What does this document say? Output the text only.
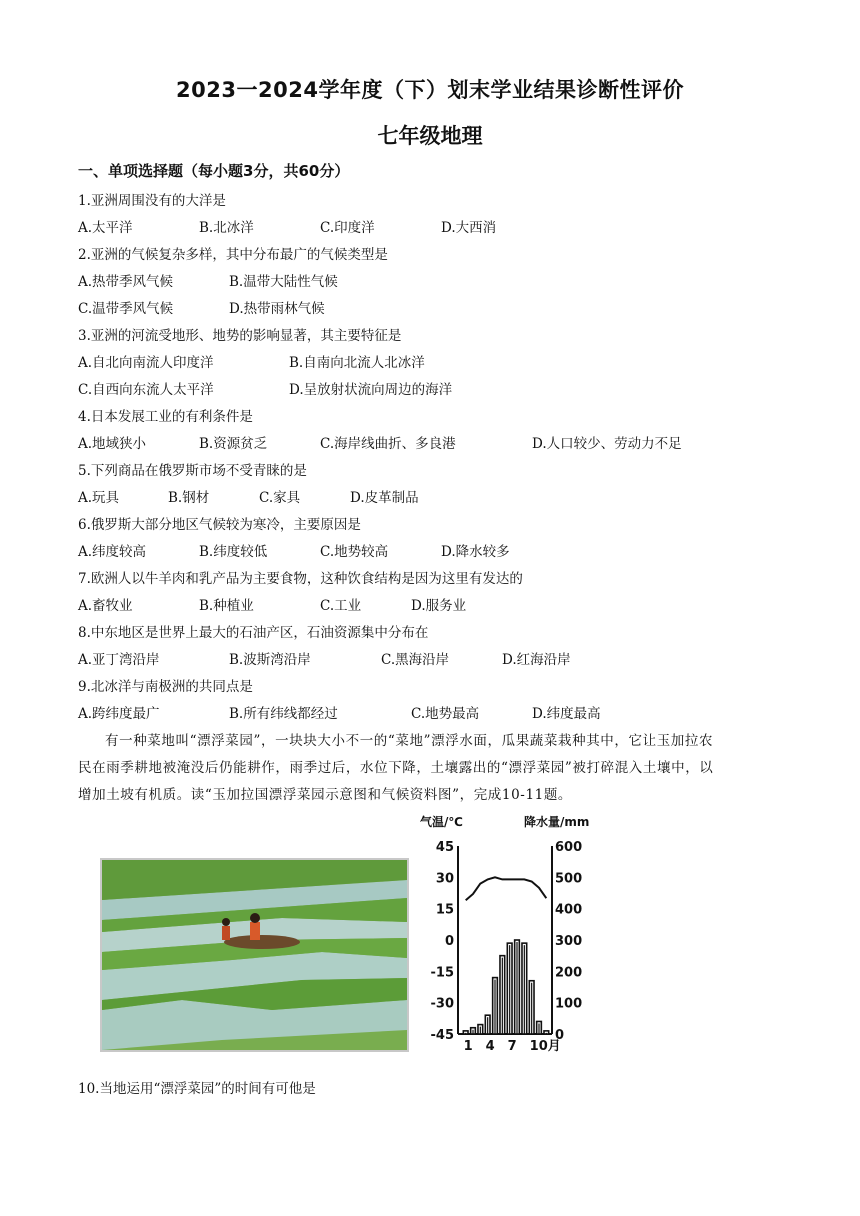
2023一2024学年度（下）划末学业结果诊断性评价
七年级地理
一、单项选择题（每小题3分，共60分）
1.亚洲周围没有的大洋是
A.太平洋	B.北冰洋	C.印度洋	D.大西消
2.亚洲的气候复杂多样，其中分布最广的气候类型是
A.热带季风气候	B.温带大陆性气候
C.温带季风气候	D.热带雨林气候
3.亚洲的河流受地形、地势的影响显著，其主要特征是
A.自北向南流人印度洋	B.自南向北流人北冰洋
C.自西向东流人太平洋	D.呈放射状流向周边的海洋
4.日本发展工业的有利条件是
A.地域狭小	B.资源贫乏	C.海岸线曲折、多良港	D.人口较少、劳动力不足
5.下列商品在俄罗斯市场不受青睐的是
A.玩具	B.钢材	C.家具	D.皮革制品
6.俄罗斯大部分地区气候较为寒冷，主要原因是
A.纬度较高	B.纬度较低	C.地势较高	D.降水较多
7.欧洲人以牛羊肉和乳产品为主要食物，这种饮食结构是因为这里有发达的
A.畜牧业	B.种植业	C.工业	D.服务业
8.中东地区是世界上最大的石油产区，石油资源集中分布在
A.亚丁湾沿岸	B.波斯湾沿岸	C.黑海沿岸	D.红海沿岸
9.北冰洋与南极洲的共同点是
A.跨纬度最广	B.所有纬线都经过	C.地势最高	D.纬度最高
有一种菜地叫“漂浮菜园”，一块块大小不一的“菜地”漂浮水面，瓜果蔬菜栽种其中，它让玉加拉农
民在雨季耕地被淹没后仍能耕作，雨季过后，水位下降，土壤露出的“漂浮菜园”被打碎混入土壤中，以
增加土坡有机质。读“玉加拉国漂浮菜园示意图和气候资料图”，完成10-11题。
气温/℃	降水量/mm
45
30
15
0
-15
-30
-45
600
500
400
300
200
100
0
1 4 7 10月
10.当地运用“漂浮菜园”的时间有可他是
